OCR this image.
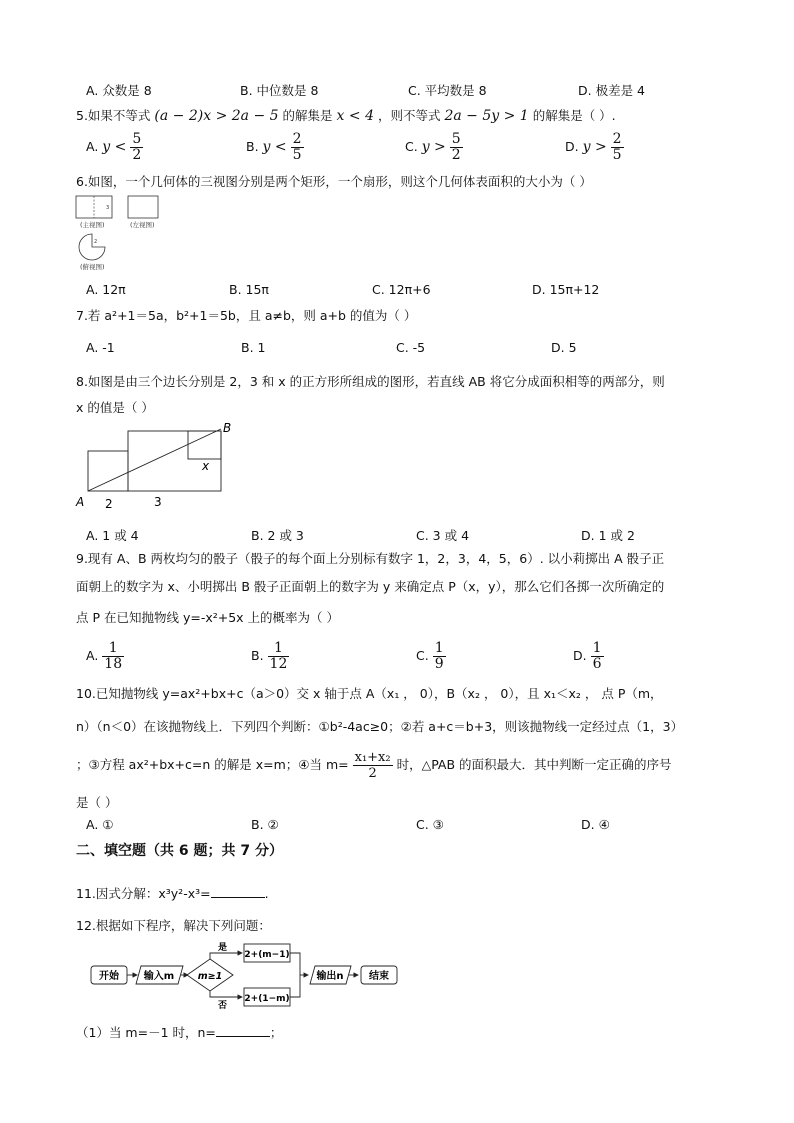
A. 众数是 8	B. 中位数是 8	C. 平均数是 8	D. 极差是 4
5.如果不等式 (a − 2)x > 2a − 5 的解集是 x < 4 ，则不等式 2a − 5y > 1 的解集是（ ）.
A. $y < \frac{5}{2}$	B. $y < \frac{2}{5}$	C. $y > \frac{5}{2}$	D. $y > \frac{2}{5}$
6.如图，一个几何体的三视图分别是两个矩形，一个扇形，则这个几何体表面积的大小为（ ）
3
(主视图)	(左视图)
2
(俯视图)
A. 12π	B. 15π	C. 12π+6	D. 15π+12
7.若 a²+1＝5a，b²+1＝5b，且 a≠b，则 a+b 的值为（ ）
A. -1	B. 1	C. -5	D. 5
8.如图是由三个边长分别是 2，3 和 x 的正方形所组成的图形，若直线 AB 将它分成面积相等的两部分，则
x 的值是（ ）
A
B
2	3
x
A. 1 或 4	B. 2 或 3	C. 3 或 4	D. 1 或 2
9.现有 A、B 两枚均匀的骰子（骰子的每个面上分别标有数字 1，2，3，4，5，6）. 以小莉掷出 A 骰子正
面朝上的数字为 x、小明掷出 B 骰子正面朝上的数字为 y 来确定点 P（x，y），那么它们各掷一次所确定的
点 P 在已知抛物线 y=-x²+5x 上的概率为（ ）
A. $\frac{1}{18}$	B. $\frac{1}{12}$	C. $\frac{1}{9}$	D. $\frac{1}{6}$
10.已知抛物线 y=ax²+bx+c（a＞0）交 x 轴于点 A（x₁ ， 0），B（x₂ ， 0），且 x₁＜x₂ ， 点 P（m，
n）（n＜0）在该抛物线上．下列四个判断：①b²-4ac≥0；②若 a+c＝b+3，则该抛物线一定经过点（1，3）
；③方程 ax²+bx+c=n 的解是 x=m；④当 $m= \frac{\text{x₁+x₂}}{2}$ 时，△PAB 的面积最大．其中判断一定正确的序号
是（ ）
A. ①	B. ②	C. ③	D. ④
二、填空题（共 6 题；共 7 分）
11.因式分解：x³y²-x³=	.
12.根据如下程序，解决下列问题：
开始 输入m m≥1
是
2+(m−1)
否
2+(1−m)
输出n	结束
（1）当 m=－1 时，n=	；
